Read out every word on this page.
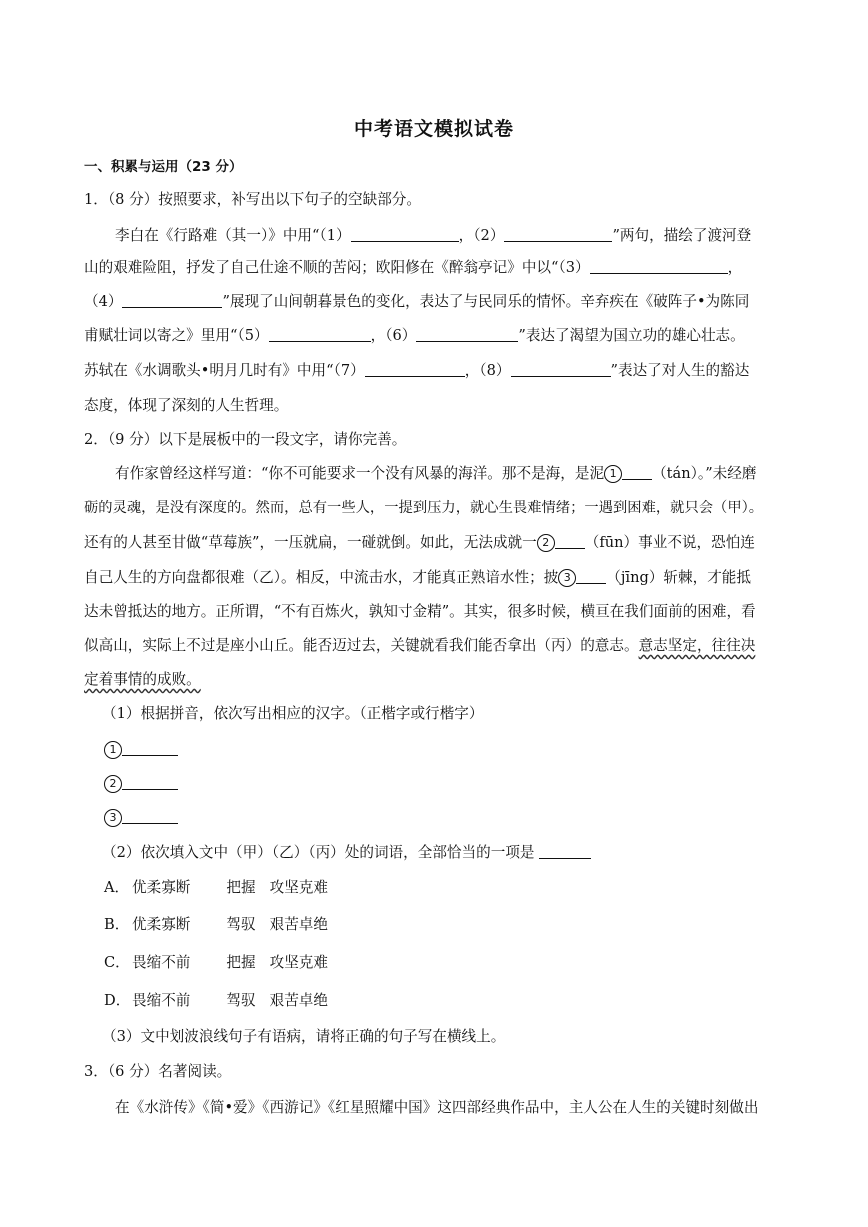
中考语文模拟试卷
一、积累与运用（23 分）
1．（8 分）按照要求，补写出以下句子的空缺部分。
李白在《行路难（其一）》中用“（1）	，（2）	”两句，描绘了渡河登
山的艰难险阻，抒发了自己仕途不顺的苦闷；欧阳修在《醉翁亭记》中以“（3）	，
（4）	”展现了山间朝暮景色的变化，表达了与民同乐的情怀。辛弃疾在《破阵子•为陈同
甫赋壮词以寄之》里用“（5）	，（6）	”表达了渴望为国立功的雄心壮志。
苏轼在《水调歌头•明月几时有》中用“（7）	，（8）	”表达了对人生的豁达
态度，体现了深刻的人生哲理。
2．（9 分）以下是展板中的一段文字，请你完善。
有作家曾经这样写道：“你不可能要求一个没有风暴的海洋。那不是海，是泥 1 （tán）。”未经磨
砺的灵魂，是没有深度的。然而，总有一些人，一提到压力，就心生畏难情绪；一遇到困难，就只会（甲）。
还有的人甚至甘做“草莓族”，一压就扁，一碰就倒。如此，无法成就一 2 （fūn）事业不说，恐怕连
自己人生的方向盘都很难（乙）。相反，中流击水，才能真正熟谙水性；披 3 （jīng）斩棘，才能抵
达未曾抵达的地方。正所谓，“不有百炼火，孰知寸金精”。其实，很多时候，横亘在我们面前的困难，看
似高山，实际上不过是座小山丘。能否迈过去，关键就看我们能否拿出（丙）的意志。意志坚定，往往决
定着事情的成败。
（1）根据拼音，依次写出相应的汉字。（正楷字或行楷字）
1
2
3
（2）依次填入文中（甲）（乙）（丙）处的词语，全部恰当的一项是
A． 优柔寡断 把握 攻坚克难
B． 优柔寡断 驾驭 艰苦卓绝
C． 畏缩不前 把握 攻坚克难
D． 畏缩不前 驾驭 艰苦卓绝
（3）文中划波浪线句子有语病，请将正确的句子写在横线上。
3．（6 分）名著阅读。
在《水浒传》《简•爱》《西游记》《红星照耀中国》这四部经典作品中，主人公在人生的关键时刻做出
